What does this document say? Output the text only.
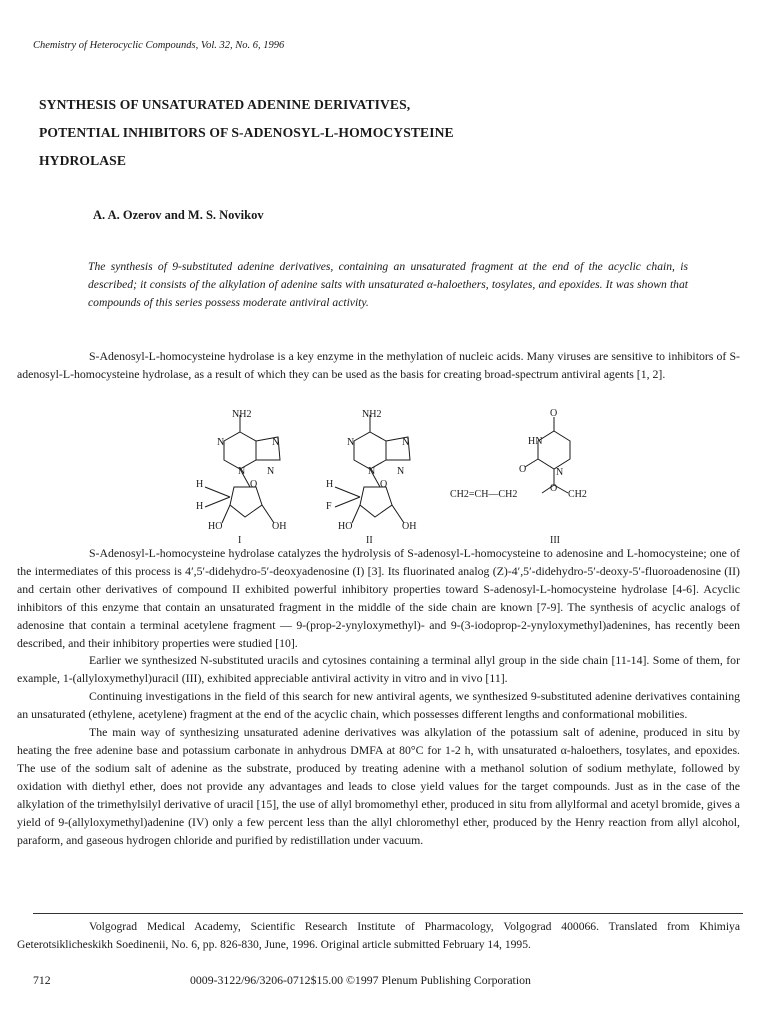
Chemistry of Heterocyclic Compounds, Vol. 32, No. 6, 1996
SYNTHESIS OF UNSATURATED ADENINE DERIVATIVES,
POTENTIAL INHIBITORS OF S-ADENOSYL-L-HOMOCYSTEINE
HYDROLASE
A. A. Ozerov and M. S. Novikov
The synthesis of 9-substituted adenine derivatives, containing an unsaturated fragment at the end of the acyclic chain, is described; it consists of the alkylation of adenine salts with unsaturated α-haloethers, tosylates, and epoxides. It was shown that compounds of this series possess moderate antiviral activity.

S-Adenosyl-L-homocysteine hydrolase is a key enzyme in the methylation of nucleic acids. Many viruses are sensitive to inhibitors of S-adenosyl-L-homocysteine hydrolase, as a result of which they can be used as the basis for creating broad-spectrum antiviral agents [1, 2].

NH2
N	N
N N
O
H
H
HO	OH
I
NH2
N	N
N N
O
H
F
HO	OH
II
O
HN
O	N
O
CH2=CH—CH2	CH2
III

S-Adenosyl-L-homocysteine hydrolase catalyzes the hydrolysis of S-adenosyl-L-homocysteine to adenosine and L-homocysteine; one of the intermediates of this process is 4′,5′-didehydro-5′-deoxyadenosine (I) [3]. Its fluorinated analog (Z)-4′,5′-didehydro-5′-deoxy-5′-fluoroadenosine (II) and certain other derivatives of compound II exhibited powerful inhibitory properties toward S-adenosyl-L-homocysteine hydrolase [4-6]. Acyclic inhibitors of this enzyme that contain an unsaturated fragment in the middle of the side chain are known [7-9]. The synthesis of acyclic analogs of adenosine that contain a terminal acetylene fragment — 9-(prop-2-ynyloxymethyl)- and 9-(3-iodoprop-2-ynyloxymethyl)adenines, has recently been described, and their inhibitory properties were studied [10].

Earlier we synthesized N-substituted uracils and cytosines containing a terminal allyl group in the side chain [11-14]. Some of them, for example, 1-(allyloxymethyl)uracil (III), exhibited appreciable antiviral activity in vitro and in vivo [11].

Continuing investigations in the field of this search for new antiviral agents, we synthesized 9-substituted adenine derivatives containing an unsaturated (ethylene, acetylene) fragment at the end of the acyclic chain, which possesses different lengths and conformational mobilities.

The main way of synthesizing unsaturated adenine derivatives was alkylation of the potassium salt of adenine, produced in situ by heating the free adenine base and potassium carbonate in anhydrous DMFA at 80°C for 1-2 h, with unsaturated α-haloethers, tosylates, and epoxides. The use of the sodium salt of adenine as the substrate, produced by treating adenine with a methanol solution of sodium methylate, followed by oxidation with diethyl ether, does not provide any advantages and leads to close yield values for the target compounds. Just as in the case of the alkylation of the trimethylsilyl derivative of uracil [15], the use of allyl bromomethyl ether, produced in situ from allylformal and acetyl bromide, gives a yield of 9-(allyloxymethyl)adenine (IV) only a few percent less than the allyl chloromethyl ether, produced by the Henry reaction from allyl alcohol, paraform, and gaseous hydrogen chloride and purified by redistillation under vacuum.

Volgograd Medical Academy, Scientific Research Institute of Pharmacology, Volgograd 400066. Translated from Khimiya Geterotsiklicheskikh Soedinenii, No. 6, pp. 826-830, June, 1996. Original article submitted February 14, 1995.

712	0009-3122/96/3206-0712$15.00 ©1997 Plenum Publishing Corporation
